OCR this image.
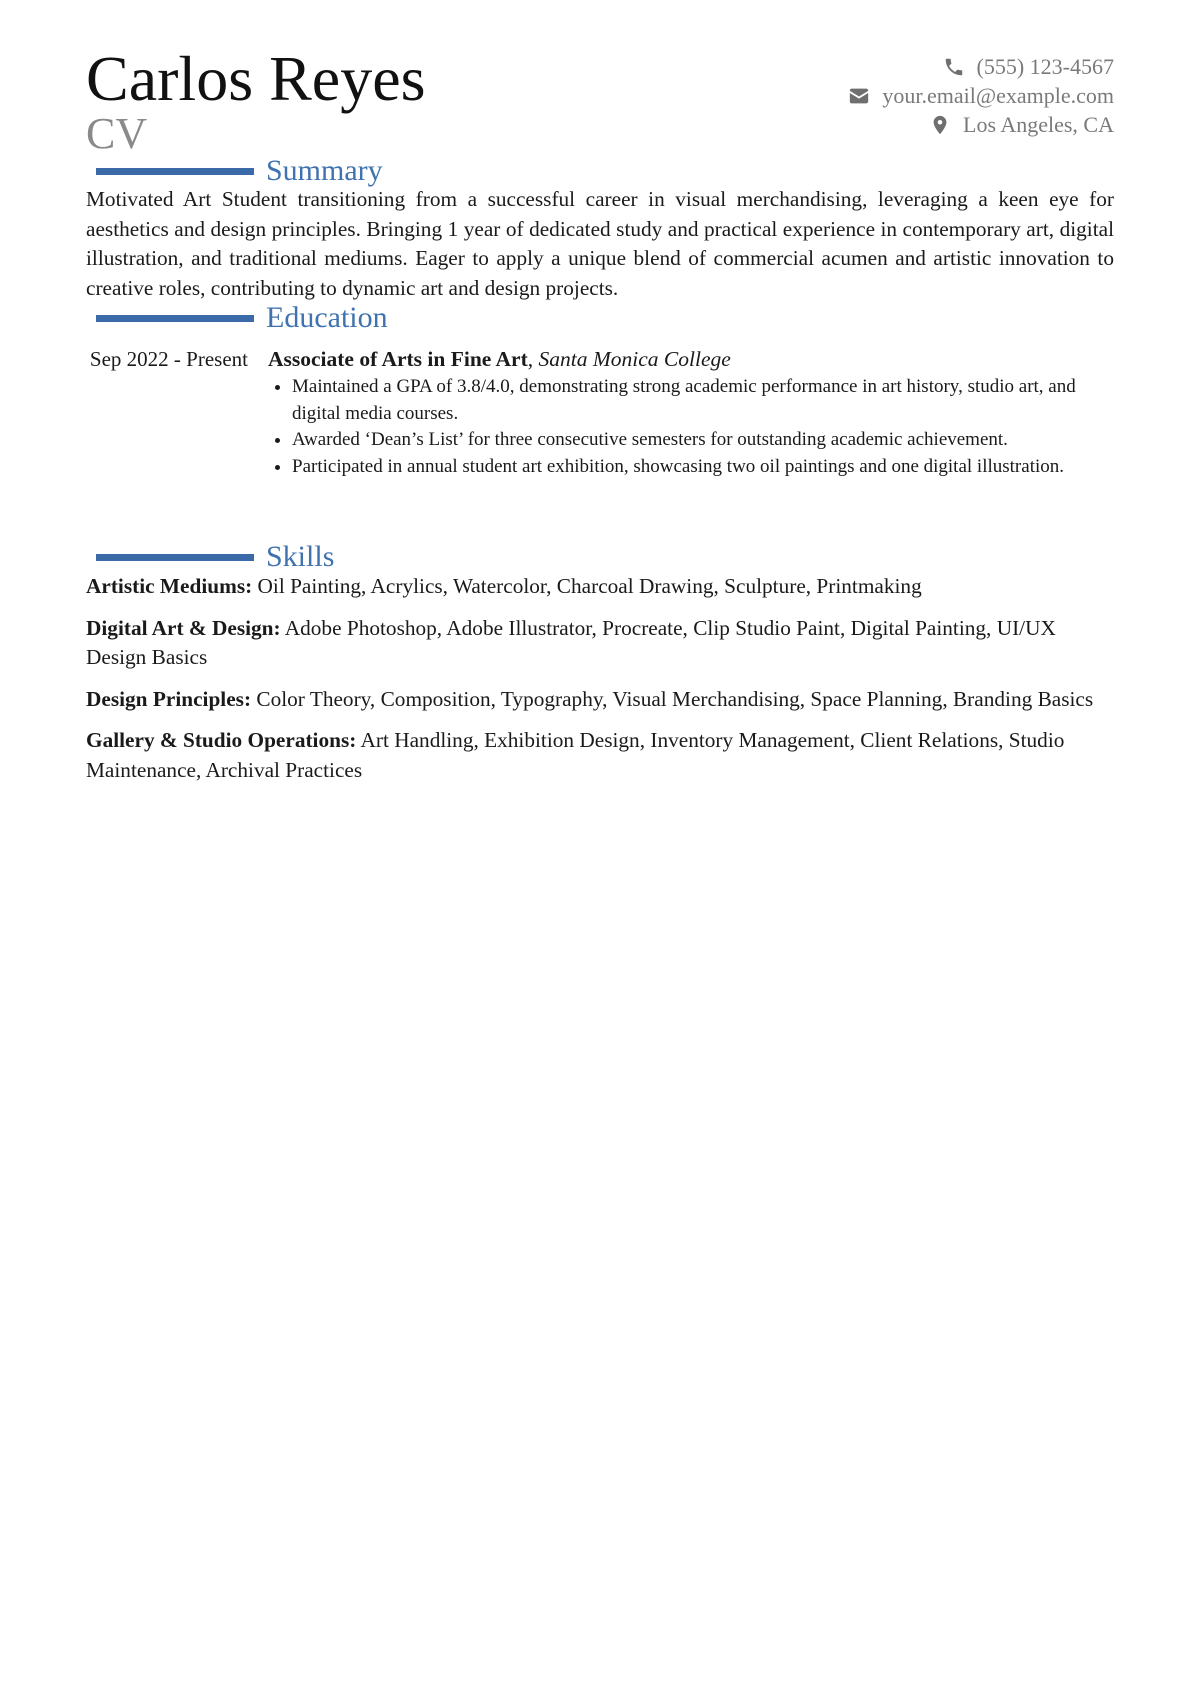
Carlos Reyes
CV
(555) 123-4567
your.email@example.com
Los Angeles, CA
Summary
Motivated Art Student transitioning from a successful career in visual merchandising, leveraging a keen eye for aesthetics and design principles. Bringing 1 year of dedicated study and practical experience in contemporary art, digital illustration, and traditional mediums. Eager to apply a unique blend of commercial acumen and artistic innovation to creative roles, contributing to dynamic art and design projects.
Education
Sep 2022 - Present Associate of Arts in Fine Art, Santa Monica College
• Maintained a GPA of 3.8/4.0, demonstrating strong academic performance in art history, studio art, and digital media courses.
• Awarded ‘Dean’s List’ for three consecutive semesters for outstanding academic achievement.
• Participated in annual student art exhibition, showcasing two oil paintings and one digital illustration.
Skills
Artistic Mediums: Oil Painting, Acrylics, Watercolor, Charcoal Drawing, Sculpture, Printmaking
Digital Art & Design: Adobe Photoshop, Adobe Illustrator, Procreate, Clip Studio Paint, Digital Painting, UI/UX Design Basics
Design Principles: Color Theory, Composition, Typography, Visual Merchandising, Space Planning, Branding Basics
Gallery & Studio Operations: Art Handling, Exhibition Design, Inventory Management, Client Relations, Studio Maintenance, Archival Practices
